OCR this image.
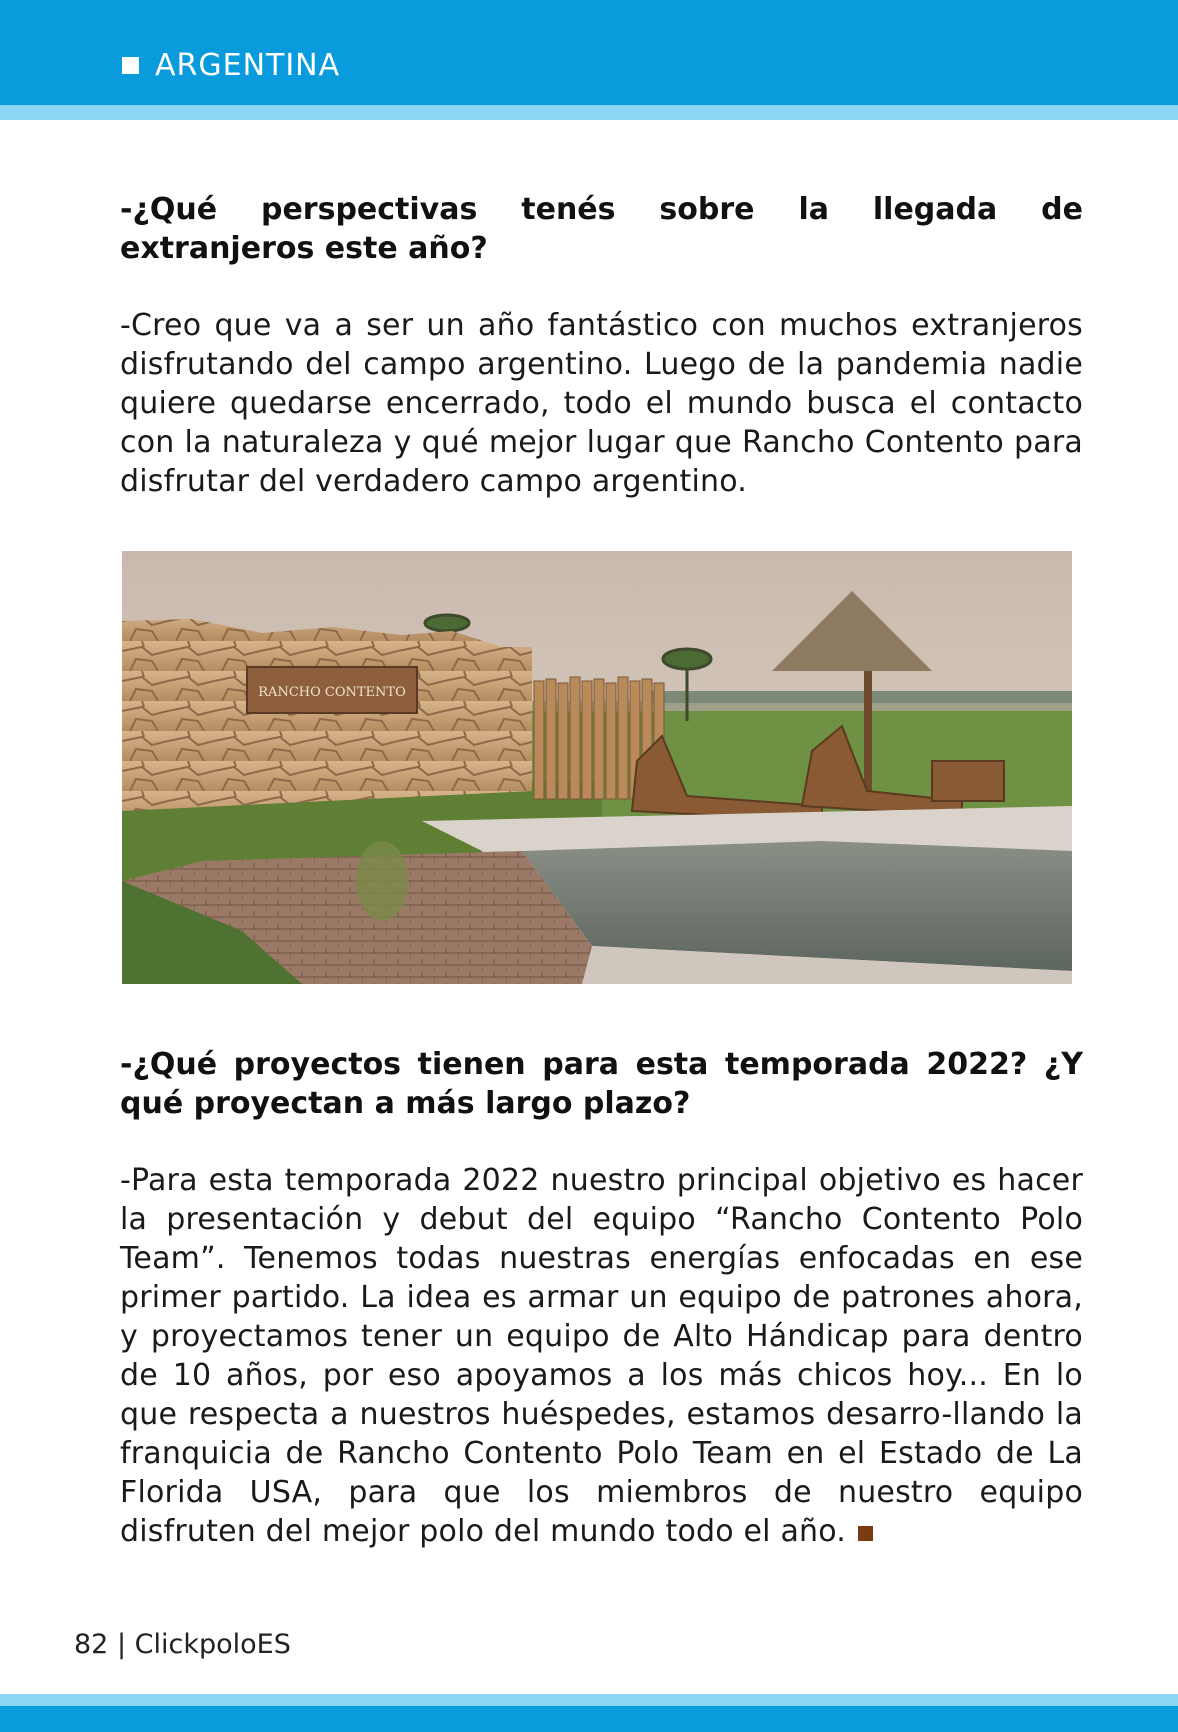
ARGENTINA

-¿Qué perspectivas tenés sobre la llegada de extranjeros este año?

-Creo que va a ser un año fantástico con muchos extranjeros disfrutando del campo argentino. Luego de la pandemia nadie quiere quedarse encerrado, todo el mundo busca el contacto con la naturaleza y qué mejor lugar que Rancho Contento para disfrutar del verdadero campo argentino.

RANCHO CONTENTO

-¿Qué proyectos tienen para esta temporada 2022? ¿Y qué proyectan a más largo plazo?

-Para esta temporada 2022 nuestro principal objetivo es hacer la presentación y debut del equipo “Rancho Contento Polo Team”. Tenemos todas nuestras energías enfocadas en ese primer partido. La idea es armar un equipo de patrones ahora, y proyectamos tener un equipo de Alto Hándicap para dentro de 10 años, por eso apoyamos a los más chicos hoy... En lo que respecta a nuestros huéspedes, estamos desarro-llando la franquicia de Rancho Contento Polo Team en el Estado de La Florida USA, para que los miembros de nuestro equipo disfruten del mejor polo del mundo todo el año.

82 | ClickpoloES
